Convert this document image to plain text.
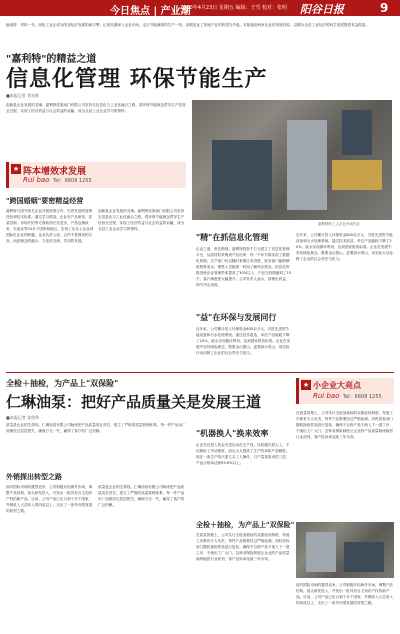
今日焦点 | 产业潮
2010年4月23日 星期五 编辑：王雪 校对：张明 阳谷日报	9
编者按：材料一号。绿色工业正成为阳谷经济发展的新引擎。记者近期深入企业车间，走访节能减排的生产一线，亲眼见证了传统产业的转型与升级。本版选取两家企业的发展经验，以期为全县工业经济的科学发展提供有益借鉴。
"嘉利特"的精益之道
信息化管理 环保节能生产
■本报记者 刘光辉
创新是企业发展的灵魂。嘉利特荏原阀门有限公司坚持走信息化与工业化融合之路，将环保节能理念贯穿生产经营全过程，实现了经济效益与社会效益的双赢，成为全县工业企业学习的榜样。
嘉利特的工人正在车间作业
★ 阵本增效求发展
Rui bao Tel：6608 1255
"跨国婚姻"要密精益经营
嘉利特与国外知名企业开展深度合作，引进先进的管理经验和技术标准。通过学习借鉴，企业在产品研发、质量控制、市场开拓等方面取得长足进步，产品远销欧美、东南亚等20多个国家和地区，实现了从本土企业到国际化企业的跨越。企业负责人说，合作不是简单的买卖，而是理念的融合、文化的交流、共同的发展。
创新是企业发展的灵魂。嘉利特荏原阀门有限公司坚持走信息化与工业化融合之路，将环保节能理念贯穿生产经营全过程，实现了经济效益与社会效益的双赢，成为全县工业企业学习的榜样。
"精"在抓信息化管理
企业之道，贵在精细。嘉利特投资千万元建立了信息化管理平台，从原材料采购到产品出库，每一个环节都实现了数据化管理。生产部门可以随时掌握订单进度，财务部门能够精准核算成本，销售人员能第一时间了解库存情况。信息化的推进使企业管理效率提高了30%以上，产品交货期缩短了15天，客户满意度大幅提升。公司负责人表示，管理出效益，细节决定成败。
近年来，公司累计投入环保资金800余万元，引进先进的节能设备和污水处理系统。通过技术改造，单位产品能耗下降了20%，废水实现循环利用，达到国家排放标准。企业在发展中坚持绿色理念，既要金山银山，更要绿水青山，用实际行动诠释了企业的社会责任与担当。
"益"在环保与发展同行
近年来，公司累计投入环保资金800余万元，引进先进的节能设备和污水处理系统。通过技术改造，单位产品能耗下降了20%，废水实现循环利用，达到国家排放标准。企业在发展中坚持绿色理念，既要金山银山，更要绿水青山，用实际行动诠释了企业的社会责任与担当。
全检＋抽检，为产品上"双保险"
仁琳油泵：把好产品质量关是发展王道
■本报记者 张明华
质量是企业的生命线。仁琳油泵有限公司始终把产品质量放在首位，建立了严格的质量管理体系，每一件产品出厂前都经过层层把关，确保万无一失，赢得了客户的广泛信赖。
★ 小企业大亮点
Rui bao Tel：6608 1255
外销探出转型之路
面对国际市场的激烈竞争，公司积极开拓海外市场，调整产品结构，加大研发投入，开发出一批具有自主知识产权的新产品。目前，公司产品已出口到十多个国家，外销收入占总收入的四成以上，走出了一条外向型发展的转型之路。
质量是企业的生命线。仁琳油泵有限公司始终把产品质量放在首位，建立了严格的质量管理体系，每一件产品出厂前都经过层层把关，确保万无一失，赢得了客户的广泛信赖。
"机器换人"换来效率
企业先后投入资金引进自动化生产线，以机器代替人工，不仅降低了劳动强度，而且大大提高了生产效率和产品精度。现在一条生产线只需几名工人操作，日产量是原来的三倍，产品合格率达到99.8%以上。
在质量管理上，公司实行全检加抽检的双重检验制度，每道工序都有专人负责，每件产品都要经过严格检测。同时质检部门随机抽取样品进行复检，确保不合格产品不流入下一道工序，不流出工厂大门。这种双保险制度让企业的产品质量始终稳居行业前列，客户投诉率连续三年为零。
全检＋抽检，为产品上"双保险"
在质量管理上，公司实行全检加抽检的双重检验制度，每道工序都有专人负责，每件产品都要经过严格检测。同时质检部门随机抽取样品进行复检，确保不合格产品不流入下一道工序，不流出工厂大门。这种双保险制度让企业的产品质量始终稳居行业前列，客户投诉率连续三年为零。
面对国际市场的激烈竞争，公司积极开拓海外市场，调整产品结构，加大研发投入，开发出一批具有自主知识产权的新产品。目前，公司产品已出口到十多个国家，外销收入占总收入的四成以上，走出了一条外向型发展的转型之路。
